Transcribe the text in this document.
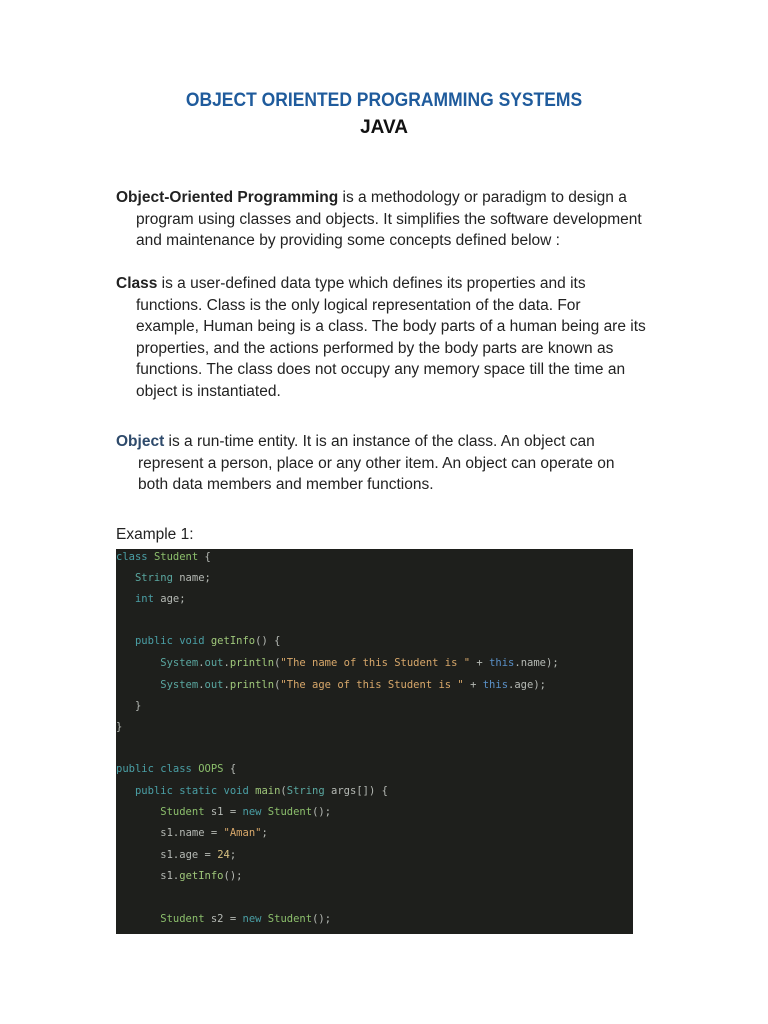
OBJECT ORIENTED PROGRAMMING SYSTEMS
JAVA
Object-Oriented Programming is a methodology or paradigm to design a
program using classes and objects. It simplifies the software development
and maintenance by providing some concepts defined below :
Class is a user-defined data type which defines its properties and its
functions. Class is the only logical representation of the data. For
example, Human being is a class. The body parts of a human being are its
properties, and the actions performed by the body parts are known as
functions. The class does not occupy any memory space till the time an
object is instantiated.
Object is a run-time entity. It is an instance of the class. An object can
represent a person, place or any other item. An object can operate on
both data members and member functions.
Example 1:
class Student {
String name;
int age;
public void getInfo() {
System.out.println("The name of this Student is " + this.name);
System.out.println("The age of this Student is " + this.age);
}
}
public class OOPS {
public static void main(String args[]) {
Student s1 = new Student();
s1.name = "Aman";
s1.age = 24;
s1.getInfo();
Student s2 = new Student();
